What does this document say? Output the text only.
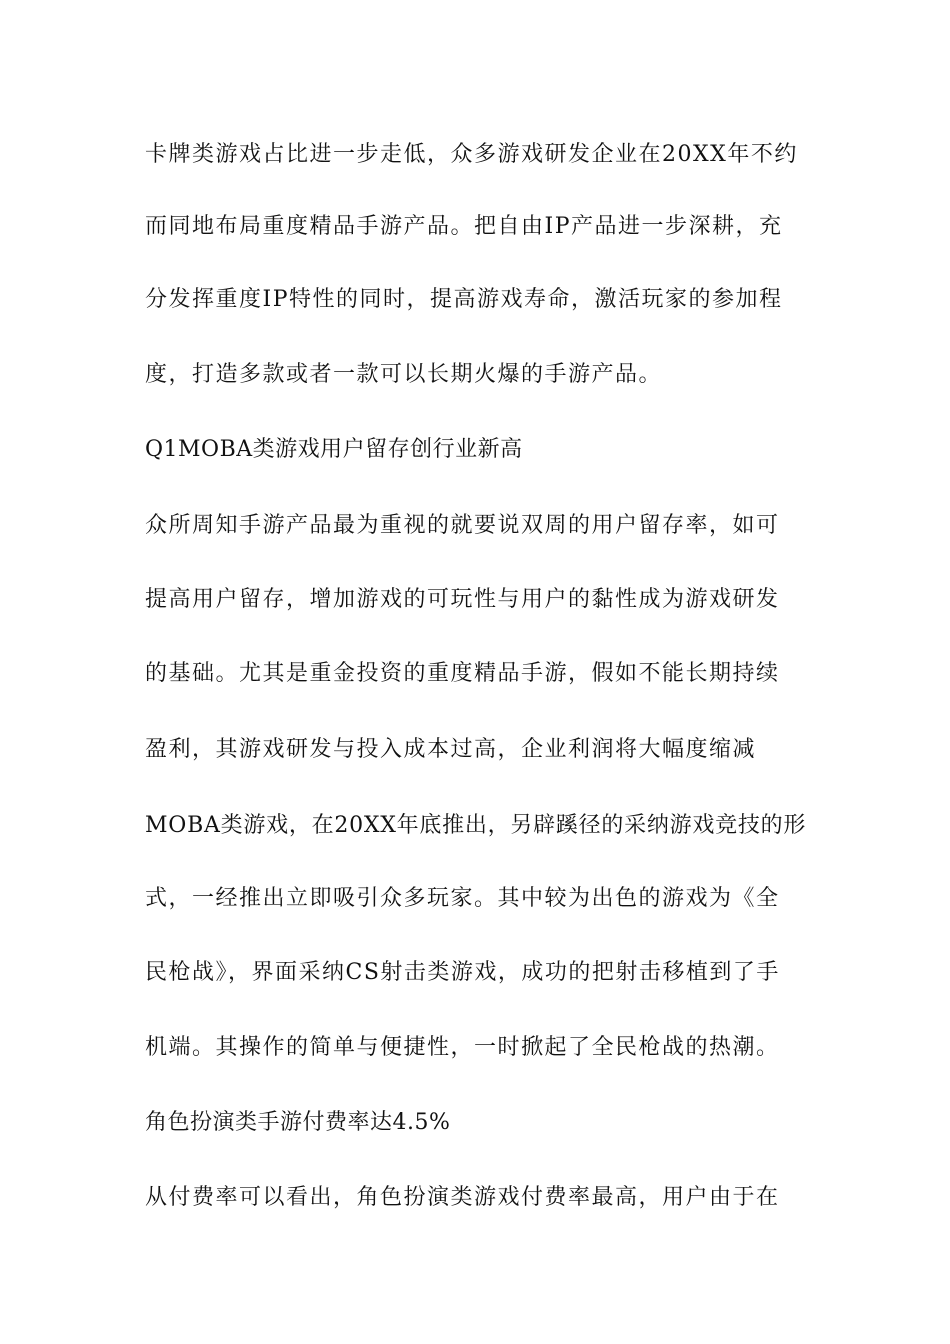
卡牌类游戏占比进一步走低，众多游戏研发企业在20XX年不约
而同地布局重度精品手游产品。把自由IP产品进一步深耕，充
分发挥重度IP特性的同时，提高游戏寿命，激活玩家的参加程
度，打造多款或者一款可以长期火爆的手游产品。
Q1MOBA类游戏用户留存创行业新高
众所周知手游产品最为重视的就要说双周的用户留存率，如可
提高用户留存，增加游戏的可玩性与用户的黏性成为游戏研发
的基础。尤其是重金投资的重度精品手游，假如不能长期持续
盈利，其游戏研发与投入成本过高，企业利润将大幅度缩减
MOBA类游戏，在20XX年底推出，另辟蹊径的采纳游戏竞技的形
式，一经推出立即吸引众多玩家。其中较为出色的游戏为《全
民枪战》，界面采纳CS射击类游戏，成功的把射击移植到了手
机端。其操作的简单与便捷性，一时掀起了全民枪战的热潮。
角色扮演类手游付费率达4.5%
从付费率可以看出，角色扮演类游戏付费率最高，用户由于在
